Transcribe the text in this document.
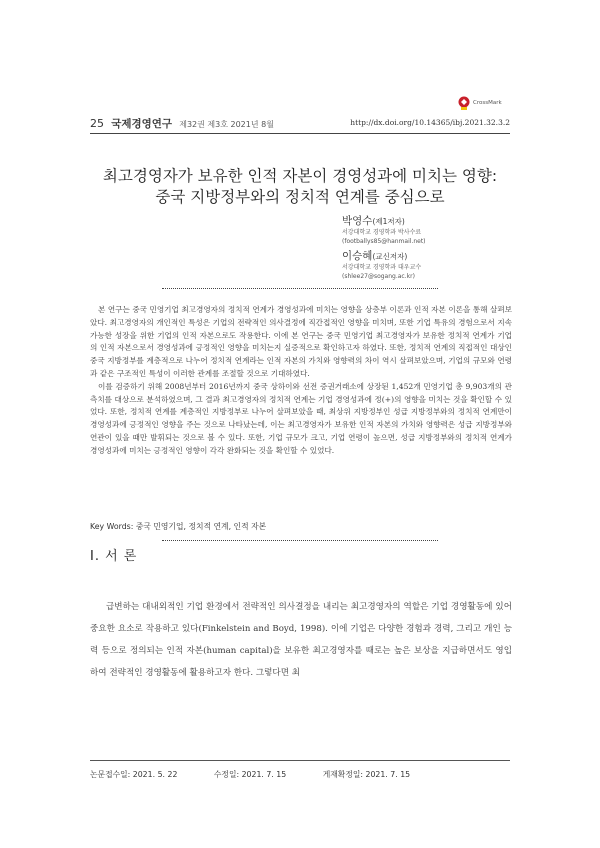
25 국제경영연구 제32권 제3호 2021년 8월
CrossMark
http://dx.doi.org/10.14365/ibj.2021.32.3.2
최고경영자가 보유한 인적 자본이 경영성과에 미치는 영향:
중국 지방정부와의 정치적 연계를 중심으로
박영수(제1저자)
서강대학교 경영학과 박사수료
(footballys85@hanmail.net)
이승혜(교신저자)
서강대학교 경영학과 대우교수
(shlee27@sogang.ac.kr)

본 연구는 중국 민영기업 최고경영자의 정치적 연계가 경영성과에 미치는 영향을 상층부 이론과 인적 자본 이론을 통해 살펴보았다. 최고경영자의 개인적인 특성은 기업의 전략적인 의사결정에 직간접적인 영향을 미치며, 또한 기업 특유의 경험으로서 지속가능한 성장을 위한 기업의 인적 자본으로도 작용한다. 이에 본 연구는 중국 민영기업 최고경영자가 보유한 정치적 연계가 기업의 인적 자본으로서 경영성과에 긍정적인 영향을 미치는지 실증적으로 확인하고자 하였다. 또한, 정치적 연계의 직접적인 대상인 중국 지방정부를 계층적으로 나누어 정치적 연계라는 인적 자본의 가치와 영향력의 차이 역시 살펴보았으며, 기업의 규모와 연령과 같은 구조적인 특성이 이러한 관계를 조절할 것으로 기대하였다.

이를 검증하기 위해 2008년부터 2016년까지 중국 상하이와 선전 증권거래소에 상장된 1,452개 민영기업 총 9,903개의 관측치를 대상으로 분석하였으며, 그 결과 최고경영자의 정치적 연계는 기업 경영성과에 정(+)의 영향을 미치는 것을 확인할 수 있었다. 또한, 정치적 연계를 계층적인 지방정부로 나누어 살펴보았을 때, 최상위 지방정부인 성급 지방정부와의 정치적 연계만이 경영성과에 긍정적인 영향을 주는 것으로 나타났는데, 이는 최고경영자가 보유한 인적 자본의 가치와 영향력은 성급 지방정부와 연관이 있을 때만 발휘되는 것으로 볼 수 있다. 또한, 기업 규모가 크고, 기업 연령이 높으면, 성급 지방정부와의 정치적 연계가 경영성과에 미치는 긍정적인 영향이 각각 완화되는 것을 확인할 수 있었다.

Key Words: 중국 민영기업, 정치적 연계, 인적 자본
Ⅰ. 서 론

급변하는 대내외적인 기업 환경에서 전략적인 의사결정을 내리는 최고경영자의 역할은 기업 경영활동에 있어 중요한 요소로 작용하고 있다(Finkelstein and Boyd, 1998). 이에 기업은 다양한 경험과 경력, 그리고 개인 능력 등으로 정의되는 인적 자본(human capital)을 보유한 최고경영자를 때로는 높은 보상을 지급하면서도 영입하여 전략적인 경영활동에 활용하고자 한다. 그렇다면 최

논문접수일: 2021. 5. 22	수정일: 2021. 7. 15	게재확정일: 2021. 7. 15
